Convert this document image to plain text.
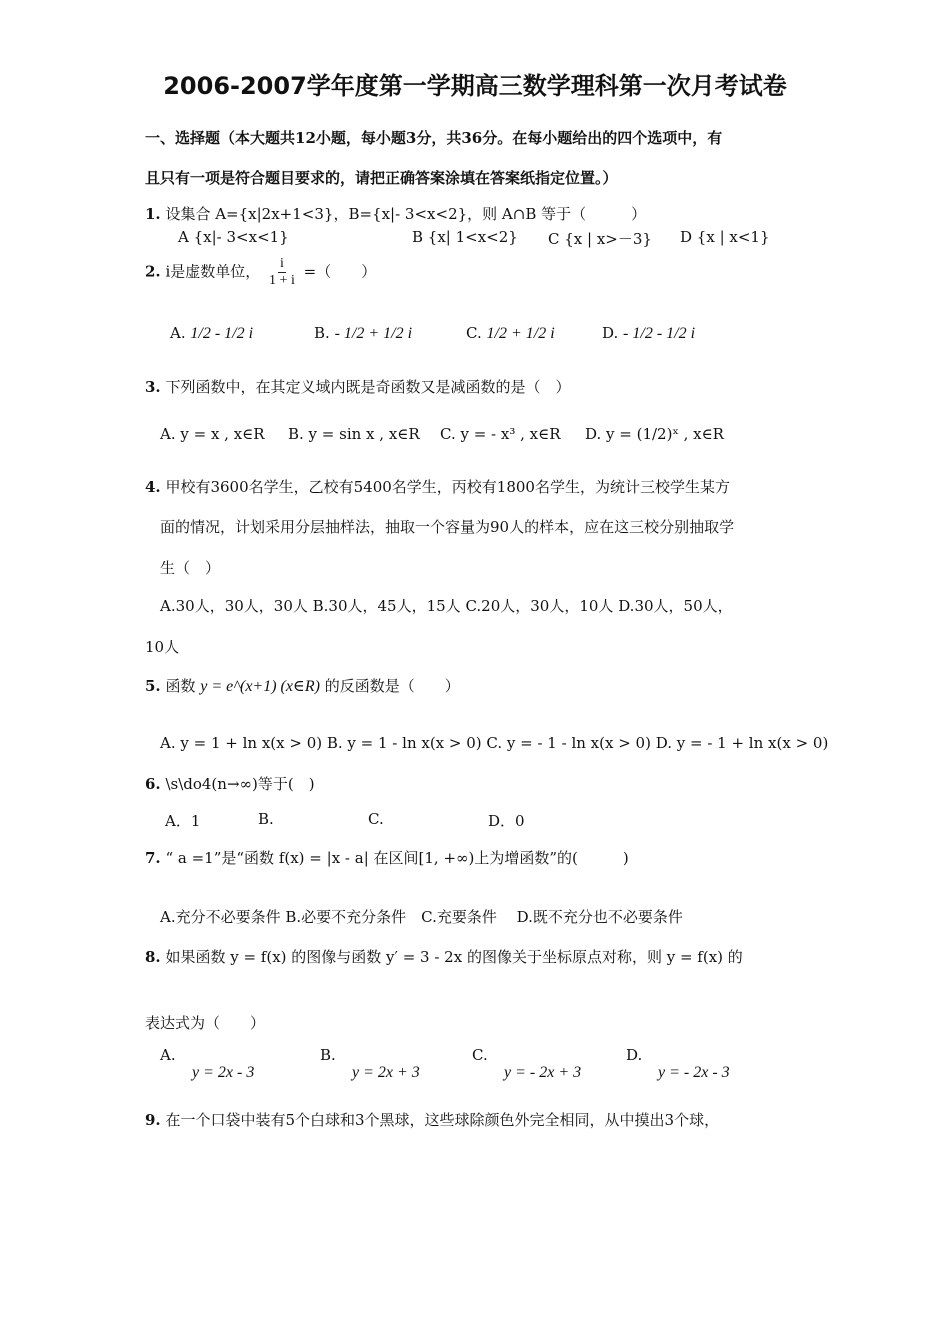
2006-2007学年度第一学期高三数学理科第一次月考试卷
一、选择题（本大题共12小题，每小题3分，共36分。在每小题给出的四个选项中，有
且只有一项是符合题目要求的，请把正确答案涂填在答案纸指定位置。）
1. 设集合 A={x|2x+1<3}，B={x|- 3<x<2}，则 A∩B 等于（　　　）
A {x|- 3<x<1}	B {x| 1<x<2} C {x | x>－3} D {x | x<1}
2. i是虚数单位， $\frac{i}{1 + i}$ =（　　）
A. 1/2 - 1/2 i	B. - 1/2 + 1/2 i	C. 1/2 + 1/2 i	D. - 1/2 - 1/2 i
3. 下列函数中，在其定义域内既是奇函数又是减函数的是（　）
A. y = x , x∈R B. y = sin x , x∈R C. y = - x³ , x∈R D. y = (1/2)ˣ , x∈R
4. 甲校有3600名学生，乙校有5400名学生，丙校有1800名学生，为统计三校学生某方
面的情况，计划采用分层抽样法，抽取一个容量为90人的样本，应在这三校分别抽取学
生（　）
A.30人，30人，30人 B.30人，45人，15人 C.20人，30人，10人 D.30人，50人，
10人
5. 函数 y = e^(x+1) (x∈R) 的反函数是（　　）
A. y = 1 + ln x(x > 0) B. y = 1 - ln x(x > 0) C. y = - 1 - ln x(x > 0) D. y = - 1 + ln x(x > 0)
6. \s\do4(n→∞)等于(　)
A．1	B.	C.	D．0
7. “ a =1”是“函数 f(x) = |x - a| 在区间[1, +∞)上为增函数”的(　　　)
A.充分不必要条件 B.必要不充分条件　C.充要条件　 D.既不充分也不必要条件
8. 如果函数 y = f(x) 的图像与函数 y′ = 3 - 2x 的图像关于坐标原点对称，则 y = f(x) 的
表达式为（　　）
A.
y = 2x - 3
B.
y = 2x + 3
C.
y = - 2x + 3
D.
y = - 2x - 3
9. 在一个口袋中装有5个白球和3个黑球，这些球除颜色外完全相同，从中摸出3个球，
